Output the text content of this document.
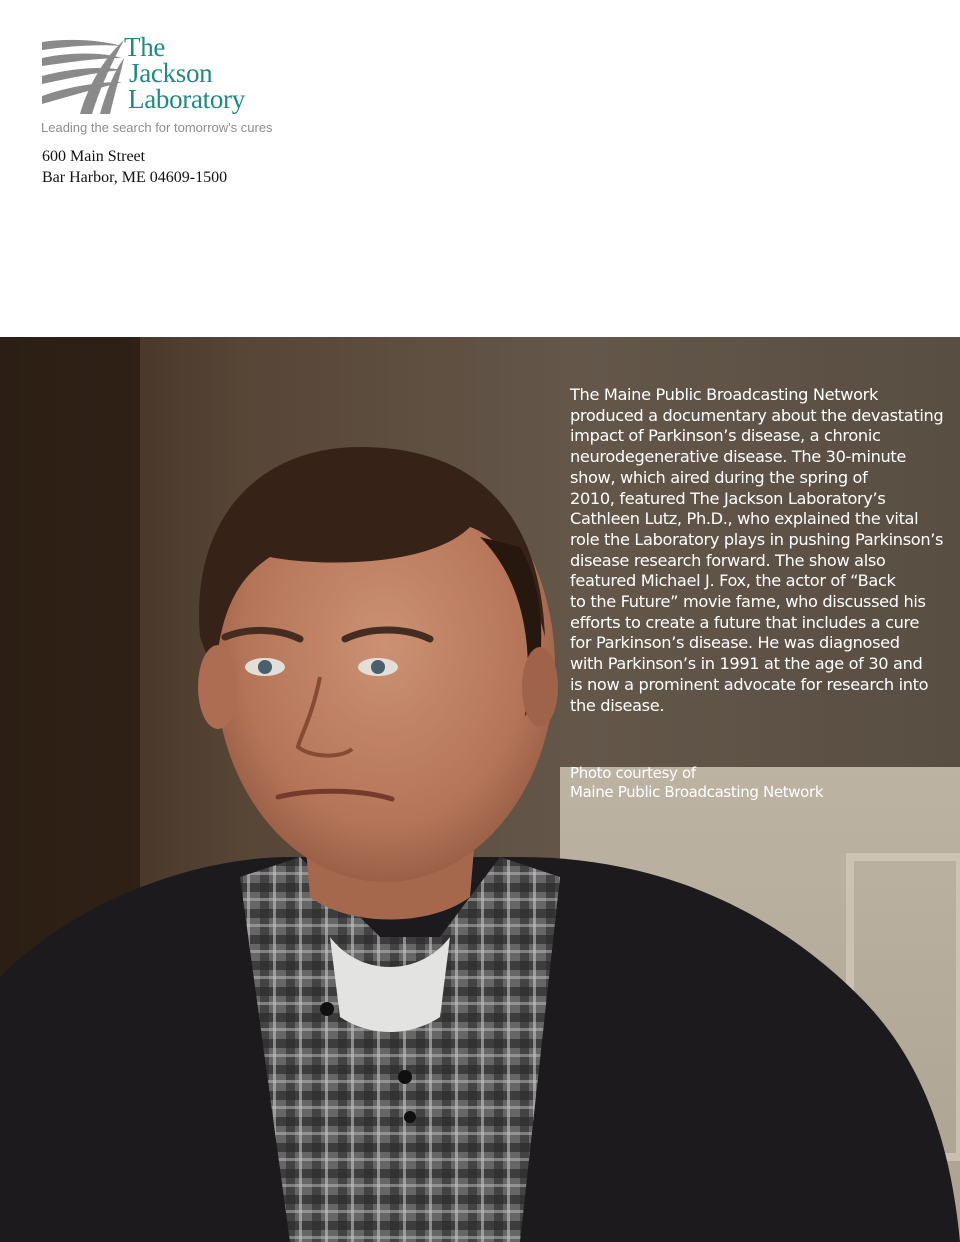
The
Jackson
Laboratory
Leading the search for tomorrow's cures
600 Main Street
Bar Harbor, ME 04609-1500
The Maine Public Broadcasting Network
produced a documentary about the devastating
impact of Parkinson’s disease, a chronic
neurodegenerative disease. The 30-minute
show, which aired during the spring of
2010, featured The Jackson Laboratory’s
Cathleen Lutz, Ph.D., who explained the vital
role the Laboratory plays in pushing Parkinson’s
disease research forward. The show also
featured Michael J. Fox, the actor of “Back
to the Future” movie fame, who discussed his
efforts to create a future that includes a cure
for Parkinson’s disease. He was diagnosed
with Parkinson’s in 1991 at the age of 30 and
is now a prominent advocate for research into
the disease.
Photo courtesy of
Maine Public Broadcasting Network
